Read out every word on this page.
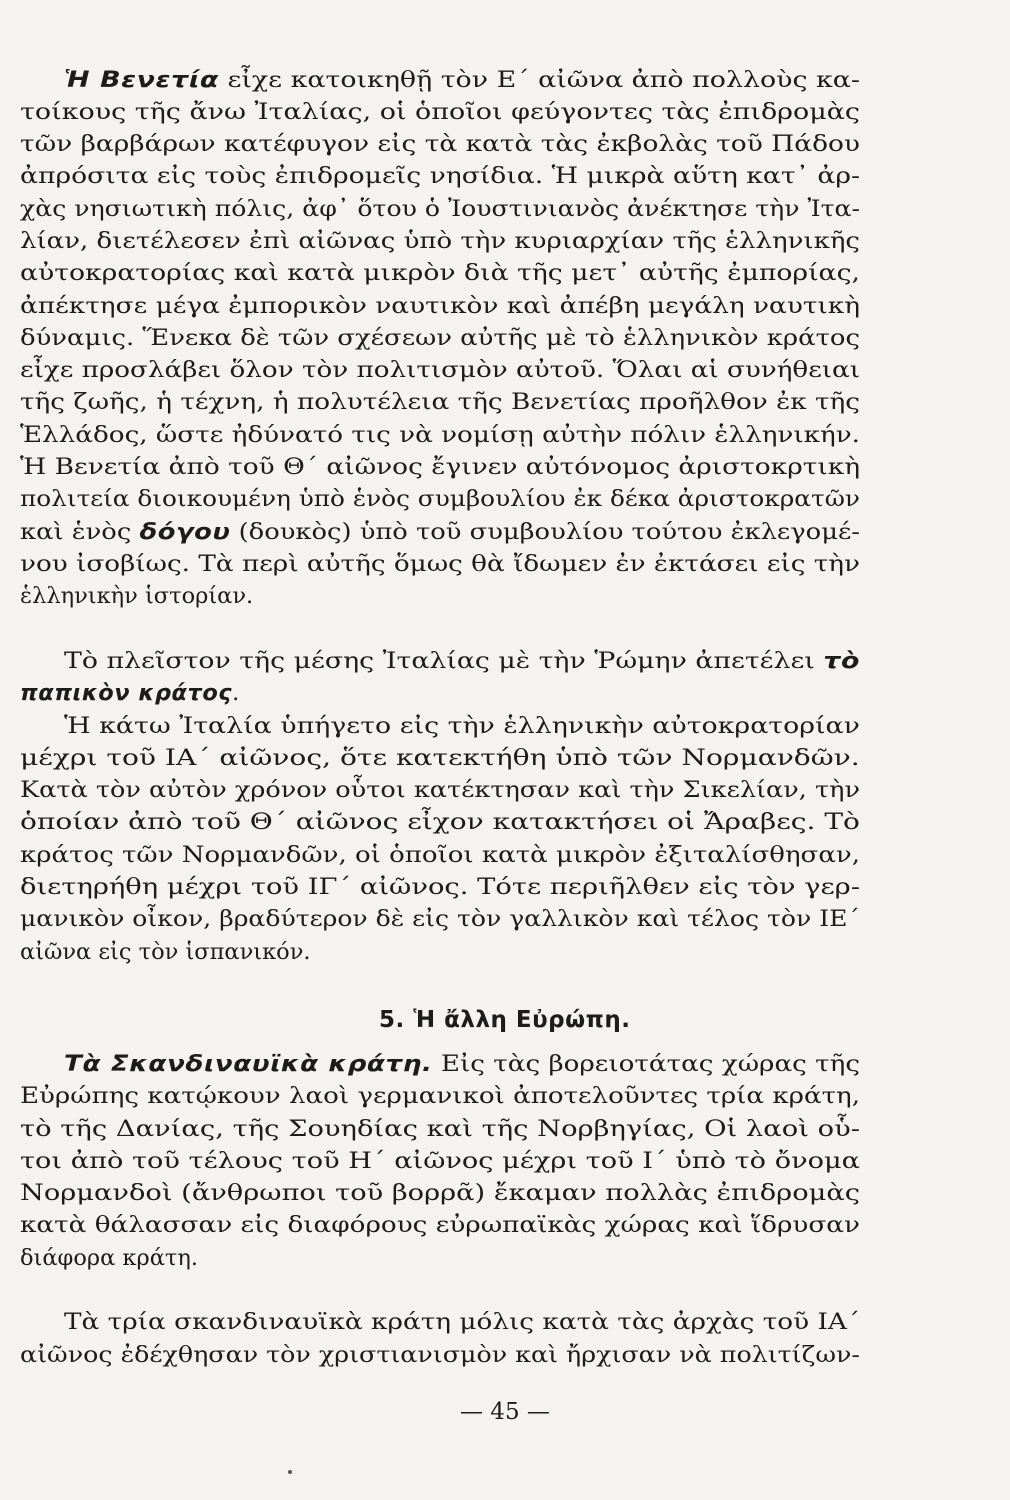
Ἡ Βενετία εἶχε κατοικηθῇ τὸν Ε΄ αἰῶνα ἀπὸ πολλοὺς κα-
τοίκους τῆς ἄνω Ἰταλίας, οἱ ὁποῖοι φεύγοντες τὰς ἐπιδρομὰς
τῶν βαρβάρων κατέφυγον εἰς τὰ κατὰ τὰς ἐκβολὰς τοῦ Πάδου
ἀπρόσιτα εἰς τοὺς ἐπιδρομεῖς νησίδια. Ἡ μικρὰ αὕτη κατ᾿ ἀρ-
χὰς νησιωτικὴ πόλις, ἀφ᾿ ὅτου ὁ Ἰουστινιανὸς ἀνέκτησε τὴν Ἰτα-
λίαν, διετέλεσεν ἐπὶ αἰῶνας ὑπὸ τὴν κυριαρχίαν τῆς ἑλληνικῆς
αὐτοκρατορίας καὶ κατὰ μικρὸν διὰ τῆς μετ᾿ αὐτῆς ἐμπορίας,
ἀπέκτησε μέγα ἐμπορικὸν ναυτικὸν καὶ ἀπέβη μεγάλη ναυτικὴ
δύναμις. Ἕνεκα δὲ τῶν σχέσεων αὐτῆς μὲ τὸ ἑλληνικὸν κράτος
εἶχε προσλάβει ὅλον τὸν πολιτισμὸν αὐτοῦ. Ὅλαι αἱ συνήθειαι
τῆς ζωῆς, ἡ τέχνη, ἡ πολυτέλεια τῆς Βενετίας προῆλθον ἐκ τῆς
Ἑλλάδος, ὥστε ἠδύνατό τις νὰ νομίσῃ αὐτὴν πόλιν ἑλληνικήν.
Ἡ Βενετία ἀπὸ τοῦ Θ΄ αἰῶνος ἔγινεν αὐτόνομος ἀριστοκρτικὴ
πολιτεία διοικουμένη ὑπὸ ἑνὸς συμβουλίου ἐκ δέκα ἀριστοκρατῶν
καὶ ἑνὸς δόγου (δουκὸς) ὑπὸ τοῦ συμβουλίου τούτου ἐκλεγομέ-
νου ἰσοβίως. Τὰ περὶ αὐτῆς ὅμως θὰ ἴδωμεν ἐν ἐκτάσει εἰς τὴν
ἑλληνικὴν ἱστορίαν.
Τὸ πλεῖστον τῆς μέσης Ἰταλίας μὲ τὴν Ῥώμην ἀπετέλει τὸ
παπικὸν κράτος.
Ἡ κάτω Ἰταλία ὑπήγετο εἰς τὴν ἑλληνικὴν αὐτοκρατορίαν
μέχρι τοῦ ΙΑ΄ αἰῶνος, ὅτε κατεκτήθη ὑπὸ τῶν Νορμανδῶν.
Κατὰ τὸν αὐτὸν χρόνον οὗτοι κατέκτησαν καὶ τὴν Σικελίαν, τὴν
ὁποίαν ἀπὸ τοῦ Θ΄ αἰῶνος εἶχον κατακτήσει οἱ Ἄραβες. Τὸ
κράτος τῶν Νορμανδῶν, οἱ ὁποῖοι κατὰ μικρὸν ἐξιταλίσθησαν,
διετηρήθη μέχρι τοῦ ΙΓ΄ αἰῶνος. Τότε περιῆλθεν εἰς τὸν γερ-
μανικὸν οἶκον, βραδύτερον δὲ εἰς τὸν γαλλικὸν καὶ τέλος τὸν ΙΕ΄
αἰῶνα εἰς τὸν ἱσπανικόν.
Τὰ Σκανδιναυϊκὰ κράτη. Εἰς τὰς βορειοτάτας χώρας τῆς
Εὐρώπης κατῴκουν λαοὶ γερμανικοὶ ἀποτελοῦντες τρία κράτη,
τὸ τῆς Δανίας, τῆς Σουηδίας καὶ τῆς Νορβηγίας, Οἱ λαοὶ οὗ-
τοι ἀπὸ τοῦ τέλους τοῦ Η΄ αἰῶνος μέχρι τοῦ Ι΄ ὑπὸ τὸ ὄνομα
Νορμανδοὶ (ἄνθρωποι τοῦ βορρᾶ) ἔκαμαν πολλὰς ἐπιδρομὰς
κατὰ θάλασσαν εἰς διαφόρους εὐρωπαϊκὰς χώρας καὶ ἵδρυσαν
διάφορα κράτη.
Τὰ τρία σκανδιναυϊκὰ κράτη μόλις κατὰ τὰς ἀρχὰς τοῦ ΙΑ΄
αἰῶνος ἐδέχθησαν τὸν χριστιανισμὸν καὶ ἤρχισαν νὰ πολιτίζων-
5. Ἡ ἄλλη Εὐρώπη.
— 45 —
